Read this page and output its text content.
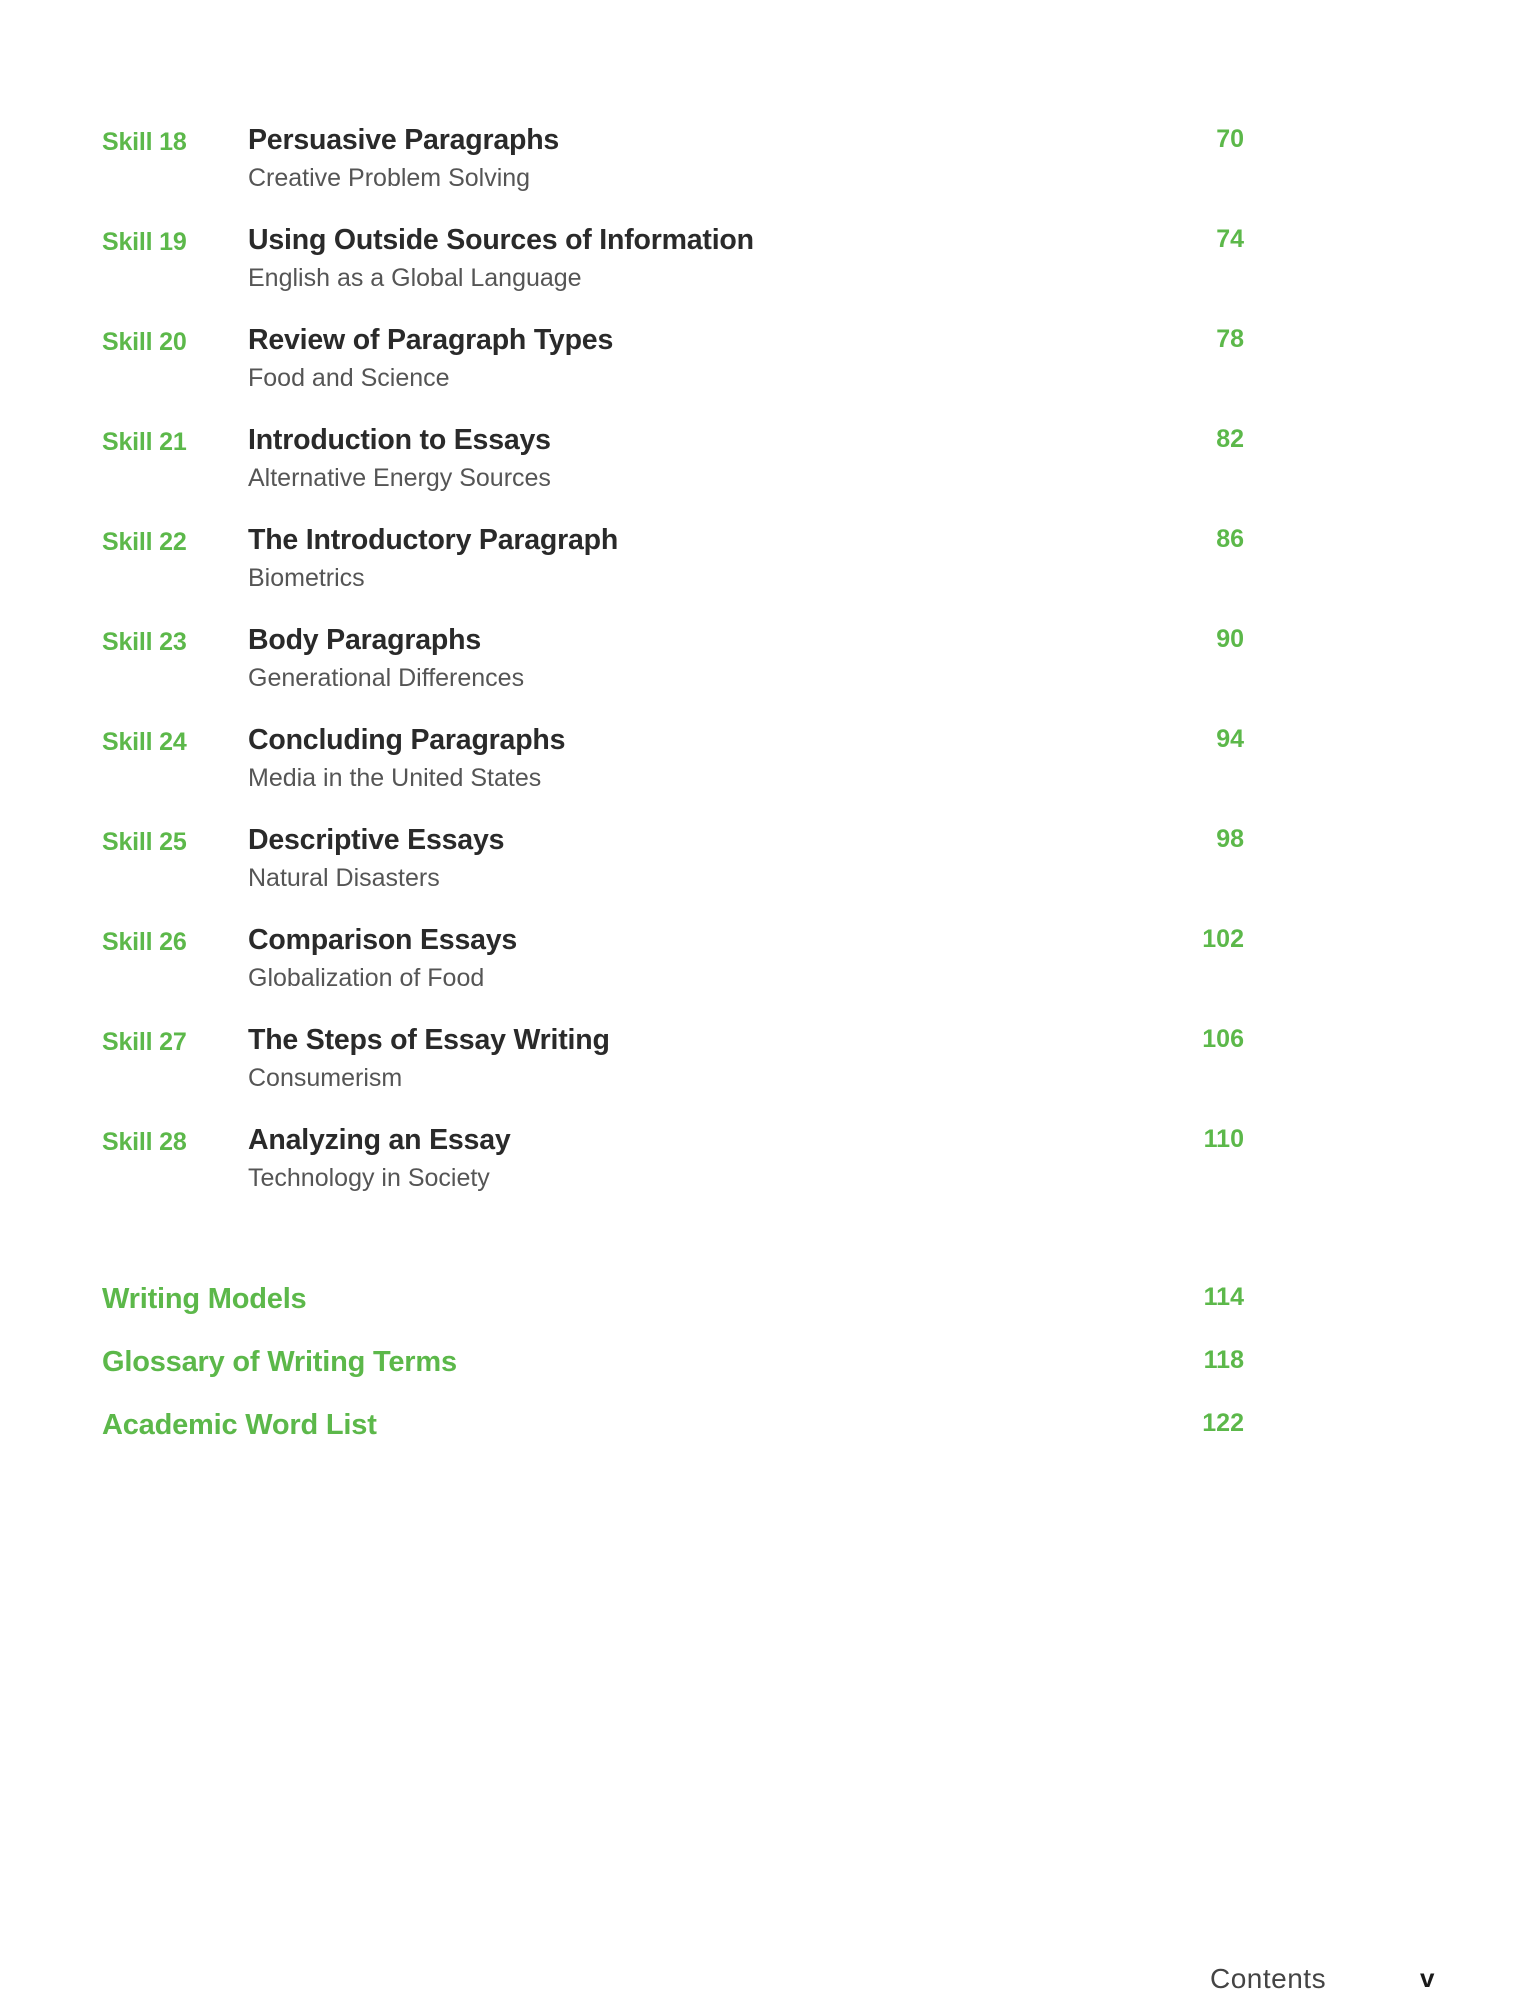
Skill 18 Persuasive Paragraphs
Creative Problem Solving
70
Skill 19 Using Outside Sources of Information
English as a Global Language
74
Skill 20 Review of Paragraph Types
Food and Science
78
Skill 21 Introduction to Essays
Alternative Energy Sources
82
Skill 22 The Introductory Paragraph
Biometrics
86
Skill 23 Body Paragraphs
Generational Differences
90
Skill 24 Concluding Paragraphs
Media in the United States
94
Skill 25 Descriptive Essays
Natural Disasters
98
Skill 26 Comparison Essays
Globalization of Food
102
Skill 27 The Steps of Essay Writing
Consumerism
106
Skill 28 Analyzing an Essay
Technology in Society
110
Writing Models	114
Glossary of Writing Terms	118
Academic Word List	122
Contents	v
